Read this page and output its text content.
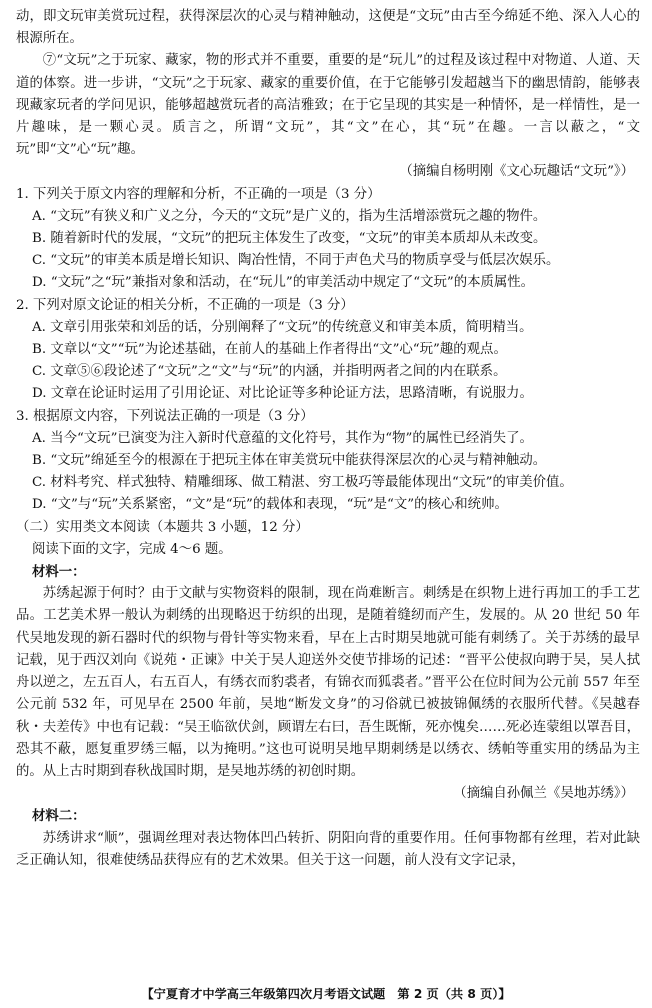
动，即文玩审美赏玩过程，获得深层次的心灵与精神触动，这便是“文玩”由古至今绵延不绝、深入人心的根源所在。

⑦“文玩”之于玩家、藏家，物的形式并不重要，重要的是“玩儿”的过程及该过程中对物道、人道、天道的体察。进一步讲，“文玩”之于玩家、藏家的重要价值，在于它能够引发超越当下的幽思情韵，能够表现藏家玩者的学问见识，能够超越赏玩者的高洁雅致；在于它呈现的其实是一种情怀，是一样情性，是一片趣味，是一颗心灵。质言之，所谓“文玩”，其“文”在心，其“玩”在趣。一言以蔽之，“文玩”即“文”心“玩”趣。

（摘编自杨明刚《文心玩趣话“文玩”》）

1. 下列关于原文内容的理解和分析，不正确的一项是（3 分）

A. “文玩”有狭义和广义之分，今天的“文玩”是广义的，指为生活增添赏玩之趣的物件。

B. 随着新时代的发展，“文玩”的把玩主体发生了改变，“文玩”的审美本质却从未改变。

C. “文玩”的审美本质是增长知识、陶冶性情，不同于声色犬马的物质享受与低层次娱乐。

D. “文玩”之“玩”兼指对象和活动，在“玩儿”的审美活动中规定了“文玩”的本质属性。

2. 下列对原文论证的相关分析，不正确的一项是（3 分）

A. 文章引用张荣和刘岳的话，分别阐释了“文玩”的传统意义和审美本质，简明精当。

B. 文章以“文”“玩”为论述基础，在前人的基础上作者得出“文”心“玩”趣的观点。

C. 文章⑤⑥段论述了“文玩”之“文”与“玩”的内涵，并指明两者之间的内在联系。

D. 文章在论证时运用了引用论证、对比论证等多种论证方法，思路清晰，有说服力。

3. 根据原文内容，下列说法正确的一项是（3 分）

A. 当今“文玩”已演变为注入新时代意蕴的文化符号，其作为“物”的属性已经消失了。

B. “文玩”绵延至今的根源在于把玩主体在审美赏玩中能获得深层次的心灵与精神触动。

C. 材料考究、样式独特、精雕细琢、做工精湛、穷工极巧等最能体现出“文玩”的审美价值。

D. “文”与“玩”关系紧密，“文”是“玩”的载体和表现，“玩”是“文”的核心和统帅。

（二）实用类文本阅读（本题共 3 小题，12 分）

阅读下面的文字，完成 4～6 题。

材料一：

苏绣起源于何时？由于文献与实物资料的限制，现在尚难断言。刺绣是在织物上进行再加工的手工艺品。工艺美术界一般认为刺绣的出现略迟于纺织的出现，是随着缝纫而产生，发展的。从 20 世纪 50 年代吴地发现的新石器时代的织物与骨针等实物来看，早在上古时期吴地就可能有刺绣了。关于苏绣的最早记载，见于西汉刘向《说苑・正谏》中关于吴人迎送外交使节排场的记述：“晋平公使叔向聘于吴，吴人拭舟以逆之，左五百人，右五百人，有绣衣而豹裘者，有锦衣而狐裘者。”晋平公在位时间为公元前 557 年至公元前 532 年，可见早在 2500 年前，吴地“断发文身”的习俗就已被披锦佩绣的衣服所代替。《吴越春秋・夫差传》中也有记载：“吴王临欲伏剑，顾谓左右曰，吾生既惭，死亦愧矣……死必连蒙组以罩吾目，恐其不蔽，愿复重罗绣三幅，以为掩明。”这也可说明吴地早期刺绣是以绣衣、绣帕等重实用的绣品为主的。从上古时期到春秋战国时期，是吴地苏绣的初创时期。

（摘编自孙佩兰《吴地苏绣》）

材料二：

苏绣讲求“顺”，强调丝理对表达物体凹凸转折、阴阳向背的重要作用。任何事物都有丝理，若对此缺乏正确认知，很难使绣品获得应有的艺术效果。但关于这一问题，前人没有文字记录，

【宁夏育才中学高三年级第四次月考语文试题　第 2 页（共 8 页）】
